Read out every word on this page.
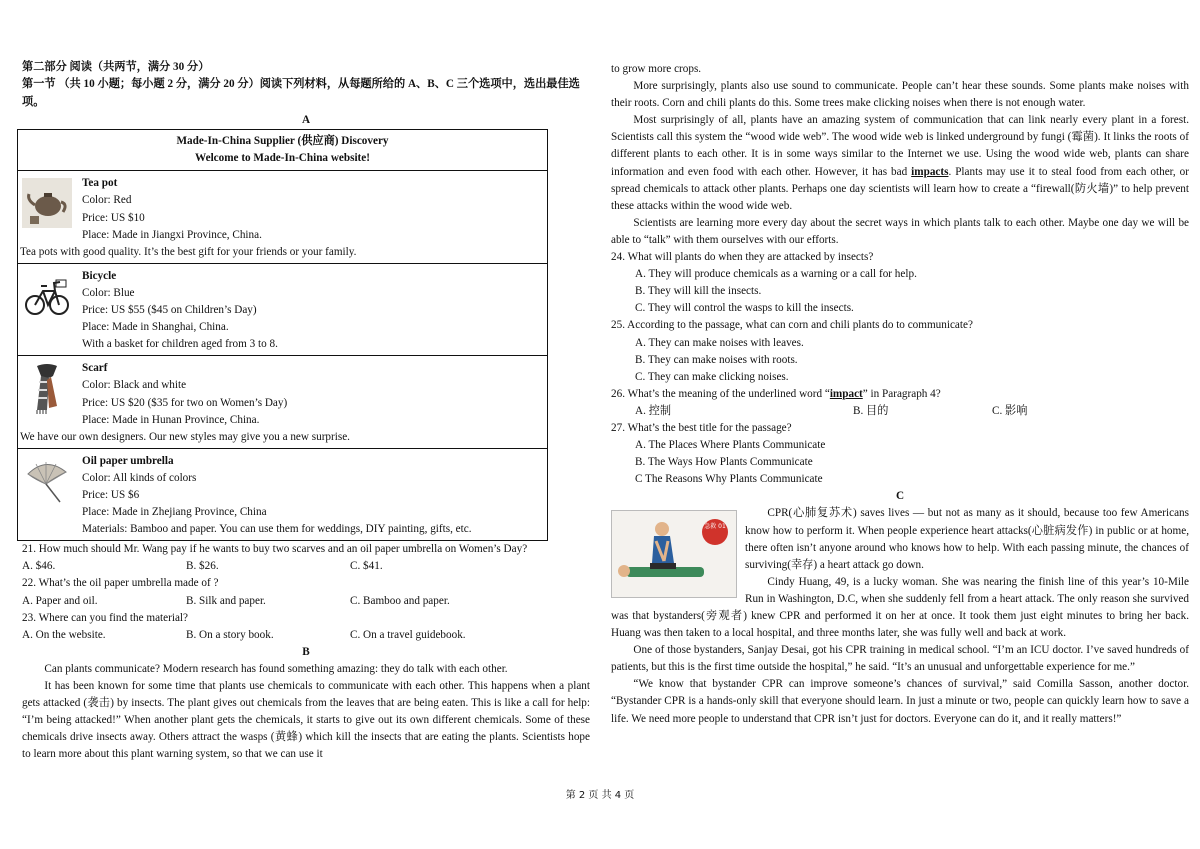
第二部分 阅读（共两节，满分 30 分）
第一节 （共 10 小题；每小题 2 分，满分 20 分）阅读下列材料，从每题所给的 A、B、C 三个选项中，选出最佳选项。
A
Made-In-China Supplier (供应商) Discovery
Welcome to Made-In-China website!

Tea pot
Color: Red
Price: US $10
Place: Made in Jiangxi Province, China.
Tea pots with good quality. It’s the best gift for your friends or your family.

Bicycle
Color: Blue
Price: US $55 ($45 on Children’s Day)
Place: Made in Shanghai, China.
With a basket for children aged from 3 to 8.

Scarf
Color: Black and white
Price: US $20 ($35 for two on Women’s Day)
Place: Made in Hunan Province, China.
We have our own designers. Our new styles may give you a new surprise.

Oil paper umbrella
Color: All kinds of colors
Price: US $6
Place: Made in Zhejiang Province, China
Materials: Bamboo and paper. You can use them for weddings, DIY painting, gifts, etc.
21. How much should Mr. Wang pay if he wants to buy two scarves and an oil paper umbrella on Women’s Day?
A. $46.	B. $26.	C. $41.
22. What’s the oil paper umbrella made of ?
A. Paper and oil.	B. Silk and paper.	C. Bamboo and paper.
23. Where can you find the material?
A. On the website.	B. On a story book.	C. On a travel guidebook.
B
Can plants communicate? Modern research has found something amazing: they do talk with each other.
It has been known for some time that plants use chemicals to communicate with each other. This happens when a plant gets attacked (袭击) by insects. The plant gives out chemicals from the leaves that are being eaten. This is like a call for help: “I’m being attacked!” When another plant gets the chemicals, it starts to give out its own different chemicals. Some of these chemicals drive insects away. Others attract the wasps (黄蜂) which kill the insects that are eating the plants. Scientists hope to learn more about this plant warning system, so that we can use it
to grow more crops.
More surprisingly, plants also use sound to communicate. People can’t hear these sounds. Some plants make noises with their roots. Corn and chili plants do this. Some trees make clicking noises when there is not enough water.
Most surprisingly of all, plants have an amazing system of communication that can link nearly every plant in a forest. Scientists call this system the “wood wide web”. The wood wide web is linked underground by fungi (霉菌). It links the roots of different plants to each other. It is in some ways similar to the Internet we use. Using the wood wide web, plants can share information and even food with each other. However, it has bad impacts. Plants may use it to steal food from each other, or spread chemicals to attack other plants. Perhaps one day scientists will learn how to create a “firewall(防火墙)” to help prevent these attacks within the wood wide web.
Scientists are learning more every day about the secret ways in which plants talk to each other. Maybe one day we will be able to “talk” with them ourselves with our efforts.
24. What will plants do when they are attacked by insects?
A. They will produce chemicals as a warning or a call for help.
B. They will kill the insects.
C. They will control the wasps to kill the insects.
25. According to the passage, what can corn and chili plants do to communicate?
A. They can make noises with leaves.
B. They can make noises with roots.
C. They can make clicking noises.
26. What’s the meaning of the underlined word “impact” in Paragraph 4?
A. 控制	B. 目的	C. 影响
27. What’s the best title for the passage?
A. The Places Where Plants Communicate
B. The Ways How Plants Communicate
C The Reasons Why Plants Communicate
C
急救 01
CPR(心肺复苏术) saves lives — but not as many as it should, because too few Americans know how to perform it. When people experience heart attacks(心脏病发作) in public or at home, there often isn’t anyone around who knows how to help. With each passing minute, the chances of surviving(幸存) a heart attack go down.
Cindy Huang, 49, is a lucky woman. She was nearing the finish line of this year’s 10-Mile Run in Washington, D.C, when she suddenly fell from a heart attack. The only reason she survived was that bystanders(旁观者) knew CPR and performed it on her at once. It took them just eight minutes to bring her back. Huang was then taken to a local hospital, and three months later, she was fully well and back at work.
One of those bystanders, Sanjay Desai, got his CPR training in medical school. “I’m an ICU doctor. I’ve saved hundreds of patients, but this is the first time outside the hospital,” he said. “It’s an unusual and unforgettable experience for me.”
“We know that bystander CPR can improve someone’s chances of survival,” said Comilla Sasson, another doctor. “Bystander CPR is a hands-only skill that everyone should learn. In just a minute or two, people can quickly learn how to save a life. We need more people to understand that CPR isn’t just for doctors. Everyone can do it, and it really matters!”
第 2 页 共 4 页
